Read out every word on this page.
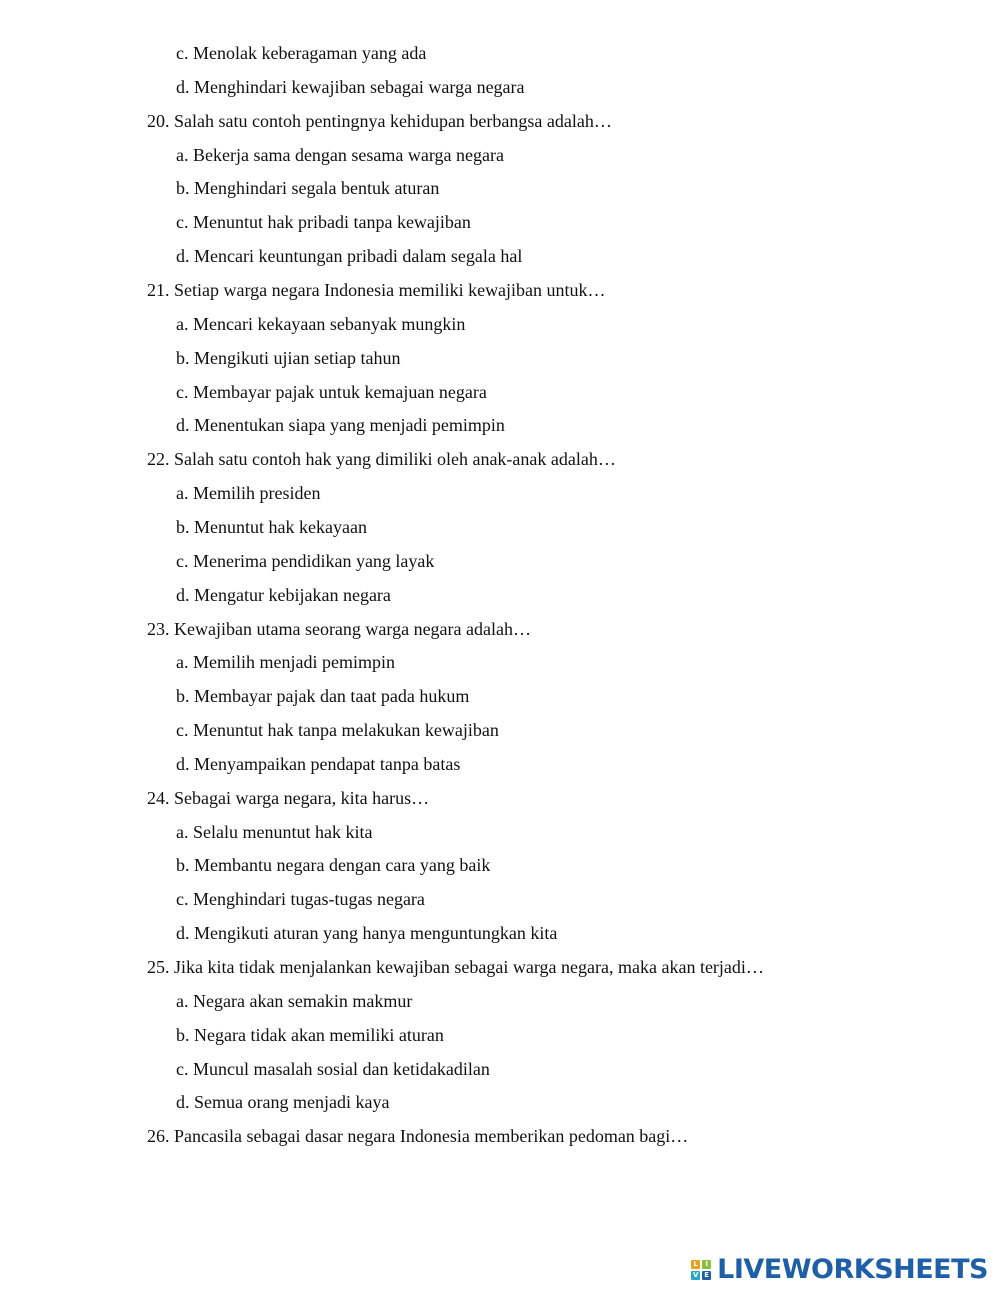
c. Menolak keberagaman yang ada
d. Menghindari kewajiban sebagai warga negara
20. Salah satu contoh pentingnya kehidupan berbangsa adalah…
a. Bekerja sama dengan sesama warga negara
b. Menghindari segala bentuk aturan
c. Menuntut hak pribadi tanpa kewajiban
d. Mencari keuntungan pribadi dalam segala hal
21. Setiap warga negara Indonesia memiliki kewajiban untuk…
a. Mencari kekayaan sebanyak mungkin
b. Mengikuti ujian setiap tahun
c. Membayar pajak untuk kemajuan negara
d. Menentukan siapa yang menjadi pemimpin
22. Salah satu contoh hak yang dimiliki oleh anak-anak adalah…
a. Memilih presiden
b. Menuntut hak kekayaan
c. Menerima pendidikan yang layak
d. Mengatur kebijakan negara
23. Kewajiban utama seorang warga negara adalah…
a. Memilih menjadi pemimpin
b. Membayar pajak dan taat pada hukum
c. Menuntut hak tanpa melakukan kewajiban
d. Menyampaikan pendapat tanpa batas
24. Sebagai warga negara, kita harus…
a. Selalu menuntut hak kita
b. Membantu negara dengan cara yang baik
c. Menghindari tugas-tugas negara
d. Mengikuti aturan yang hanya menguntungkan kita
25. Jika kita tidak menjalankan kewajiban sebagai warga negara, maka akan terjadi…
a. Negara akan semakin makmur
b. Negara tidak akan memiliki aturan
c. Muncul masalah sosial dan ketidakadilan
d. Semua orang menjadi kaya
26. Pancasila sebagai dasar negara Indonesia memberikan pedoman bagi…
L	I
V E LIVEWORKSHEETS
